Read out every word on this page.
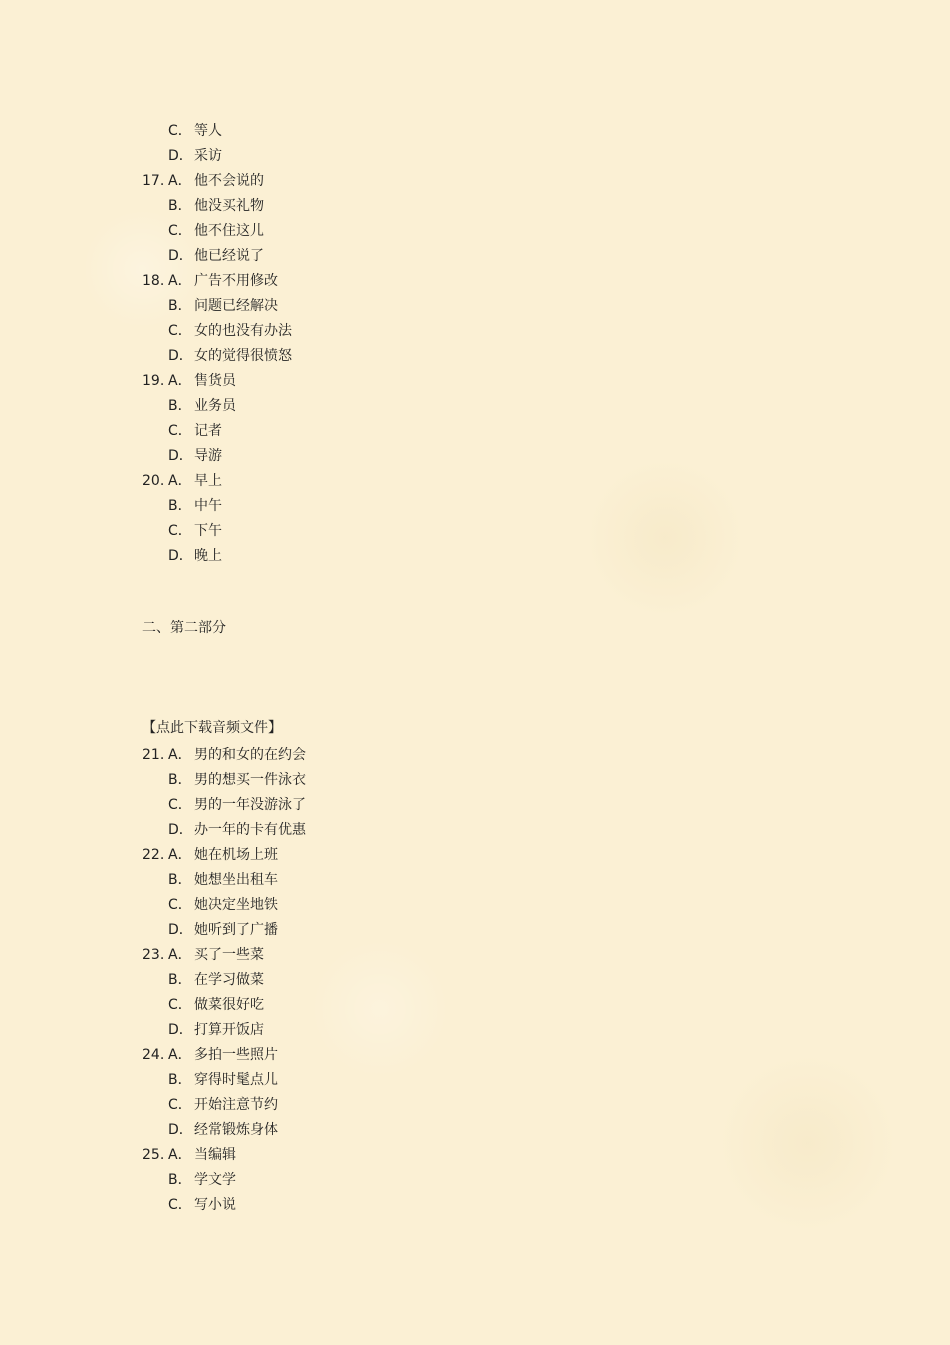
C． 等人
D．采访
17. A． 他不会说的
B． 他没买礼物
C． 他不住这儿
D．他已经说了
18. A． 广告不用修改
B． 问题已经解决
C． 女的也没有办法
D．女的觉得很愤怒
19. A． 售货员
B． 业务员
C． 记者
D．导游
20. A． 早上
B． 中午
C． 下午
D．晚上
二、第二部分
【点此下载音频文件】
21. A． 男的和女的在约会
B． 男的想买一件泳衣
C． 男的一年没游泳了
D．办一年的卡有优惠
22. A． 她在机场上班
B． 她想坐出租车
C． 她决定坐地铁
D．她听到了广播
23. A． 买了一些菜
B． 在学习做菜
C． 做菜很好吃
D．打算开饭店
24. A． 多拍一些照片
B． 穿得时髦点儿
C． 开始注意节约
D．经常锻炼身体
25. A． 当编辑
B． 学文学
C． 写小说
